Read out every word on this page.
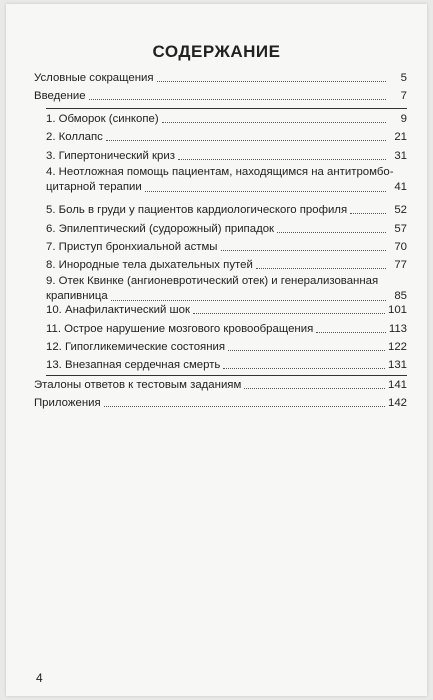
СОДЕРЖАНИЕ
Условные сокращения	5
Введение	7
1. Обморок (синкопе)	9
2. Коллапс	21
3. Гипертонический криз	31
4. Неотложная помощь пациентам, находящимся на антитромбо-
цитарной терапии	41
5. Боль в груди у пациентов кардиологического профиля	52
6. Эпилептический (судорожный) припадок	57
7. Приступ бронхиальной астмы	70
8. Инородные тела дыхательных путей	77
9. Отек Квинке (ангионевротический отек) и генерализованная
крапивница	85
10. Анафилактический шок	101
11. Острое нарушение мозгового кровообращения	113
12. Гипогликемические состояния	122
13. Внезапная сердечная смерть	131
Эталоны ответов к тестовым заданиям	141
Приложения	142
4
